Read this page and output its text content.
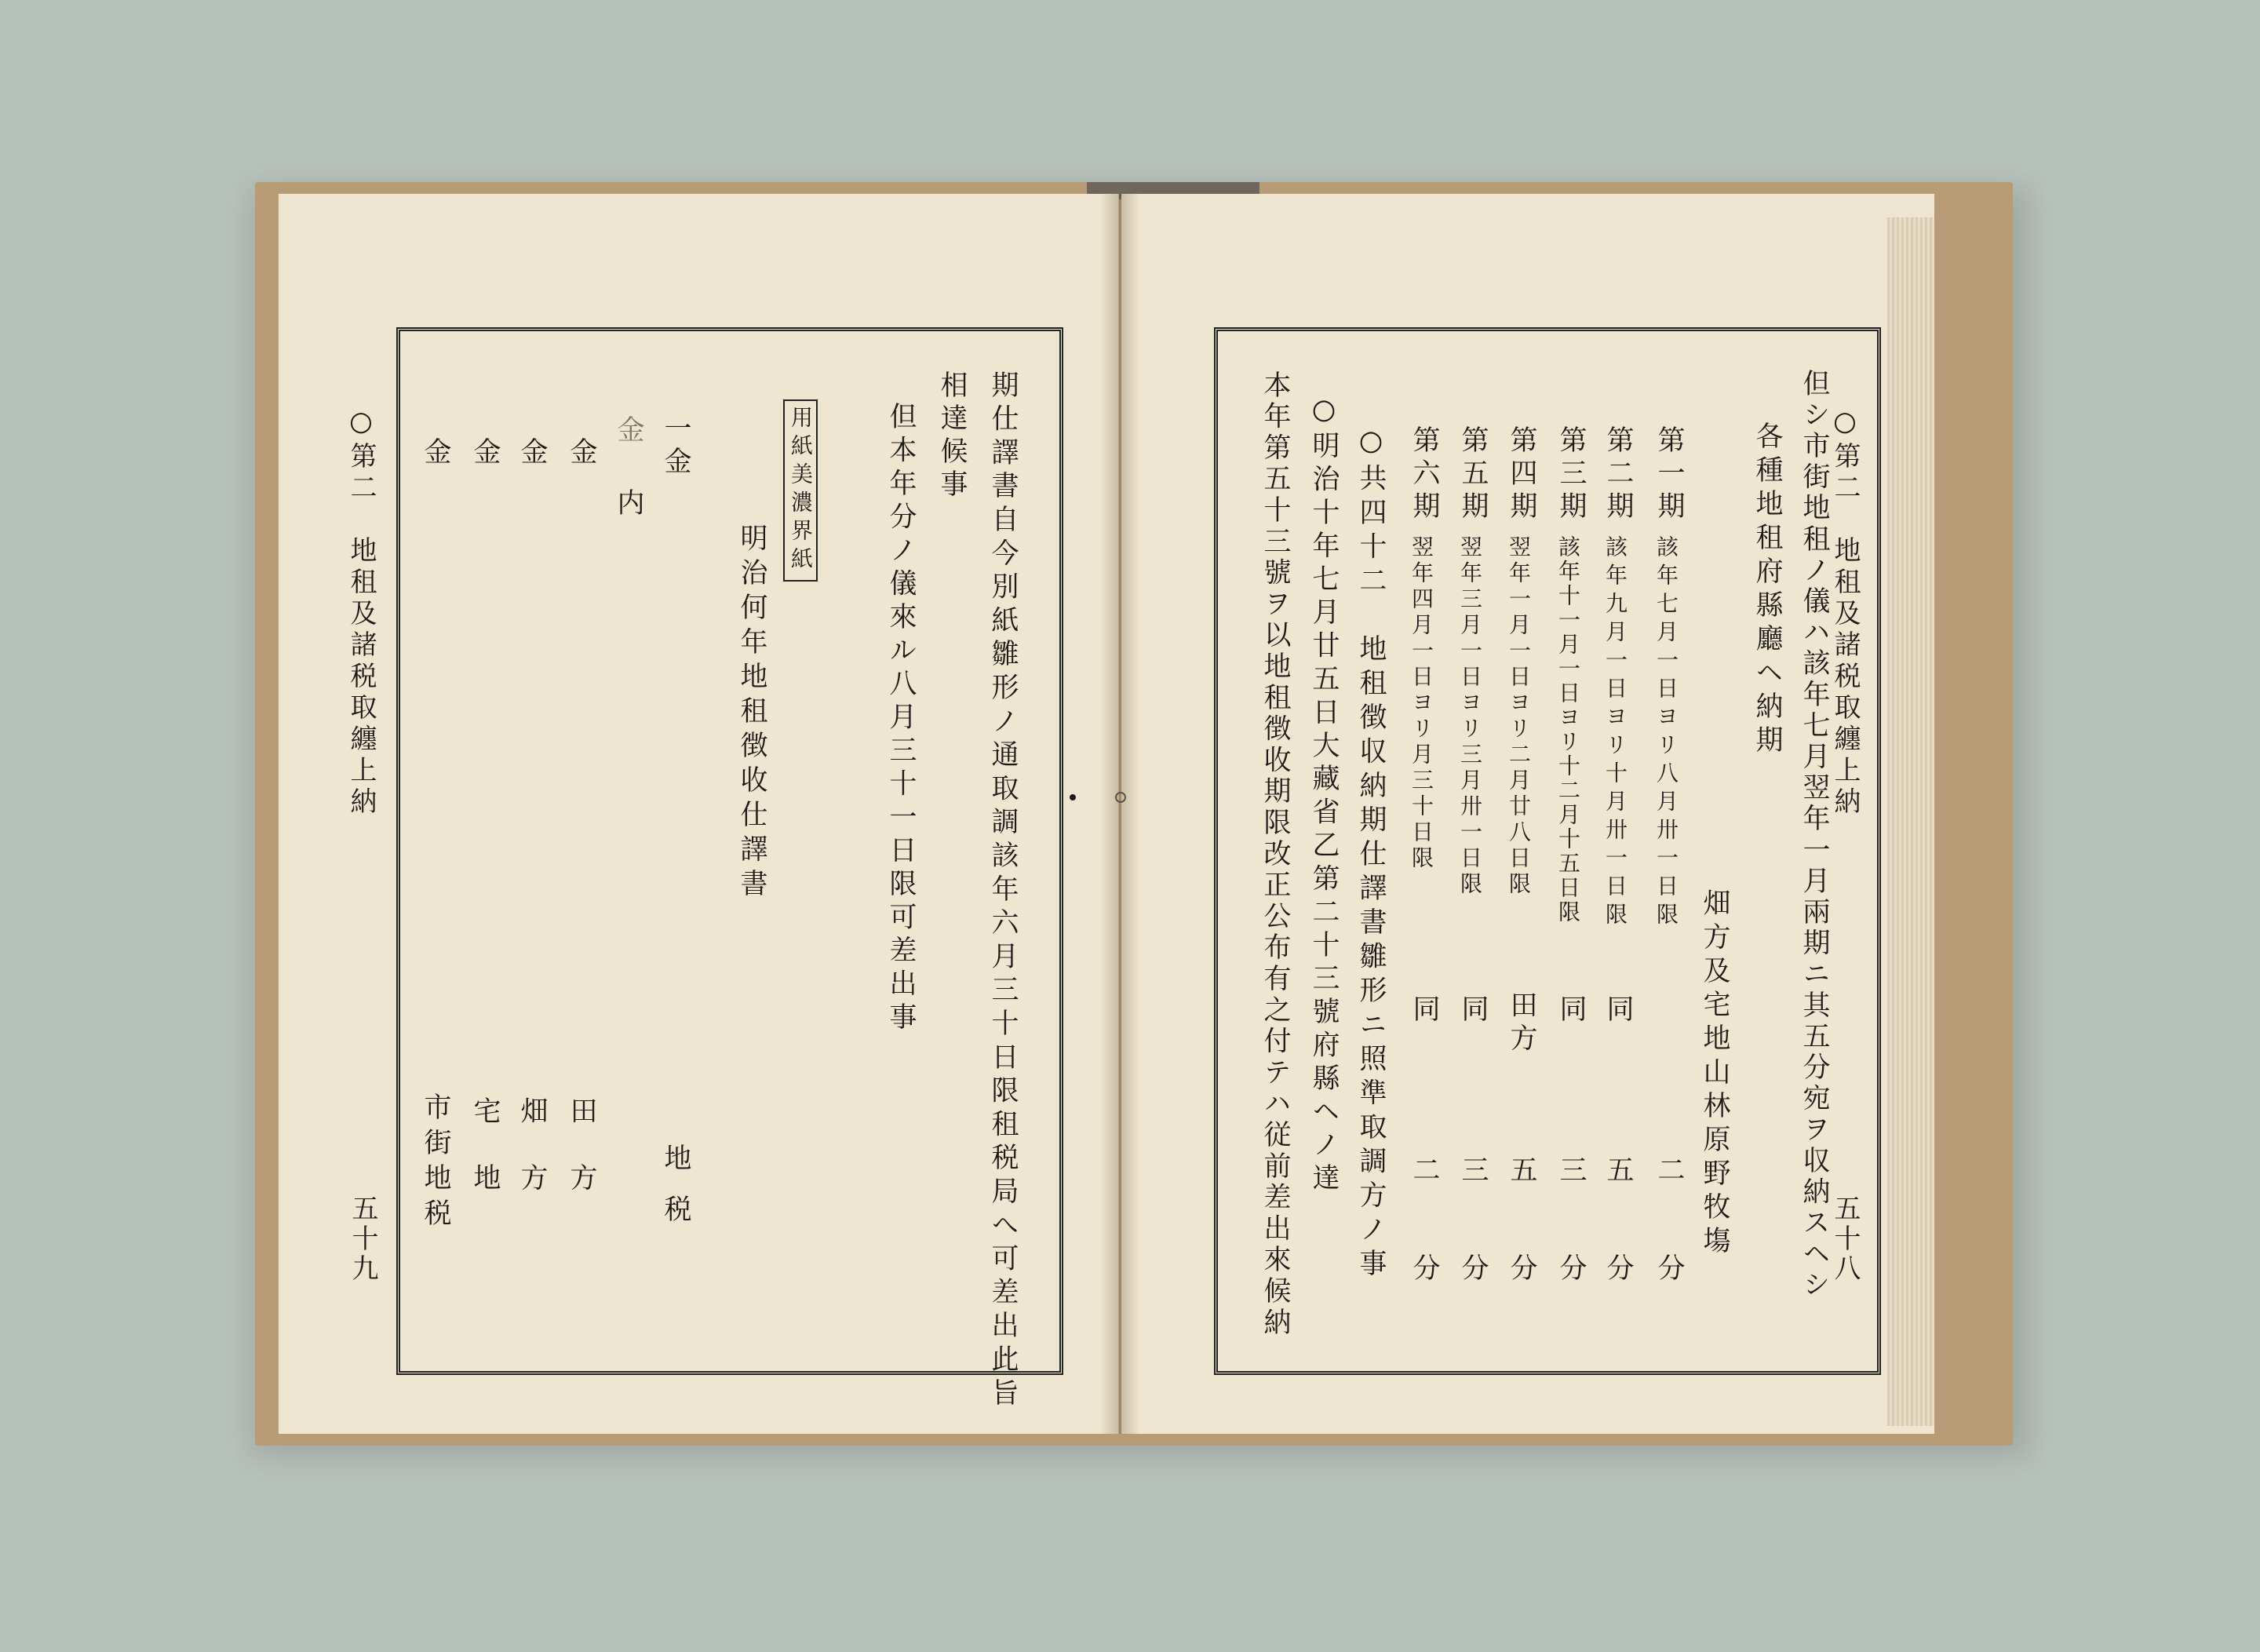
○第二　地租及諸税取纏上納
五十九	期仕譯書自今別紙雛形ノ通取調該年六月三十日限租税局へ可差出此旨
相達候事
但本年分ノ儀來ル八月三十一日限可差出事
用紙美濃界紙
明治何年地租徴收仕譯書
一金
地税
金
内
金
田方
金
畑方
金
宅地
金
市街地税
○第二　地租及諸税取纏上納
五十八
但シ市街地租ノ儀ハ該年七月翌年一月兩期ニ其五分宛ヲ収納スヘシ
各種地租府縣廳ヘ納期
畑方及宅地山林原野牧塲
第一期
該年七月一日ヨリ八月卅一日限
二分
第二期
該年九月一日ヨリ十月卅一日限
同
五分
第三期
該年十一月一日ヨリ十二月十五日限
同
三分
第四期
翌年一月一日ヨリ二月廿八日限
田方
五分
第五期
翌年三月一日ヨリ三月卅一日限
同
三分
第六期
翌年四月一日ヨリ月三十日限
同
二分
○共四十二　地租徴収納期仕譯書雛形ニ照準取調方ノ事
○明治十年七月廿五日大藏省乙第二十三號府縣ヘノ達
本年第五十三號ヲ以地租徴收期限改正公布有之付テハ従前差出來候納
